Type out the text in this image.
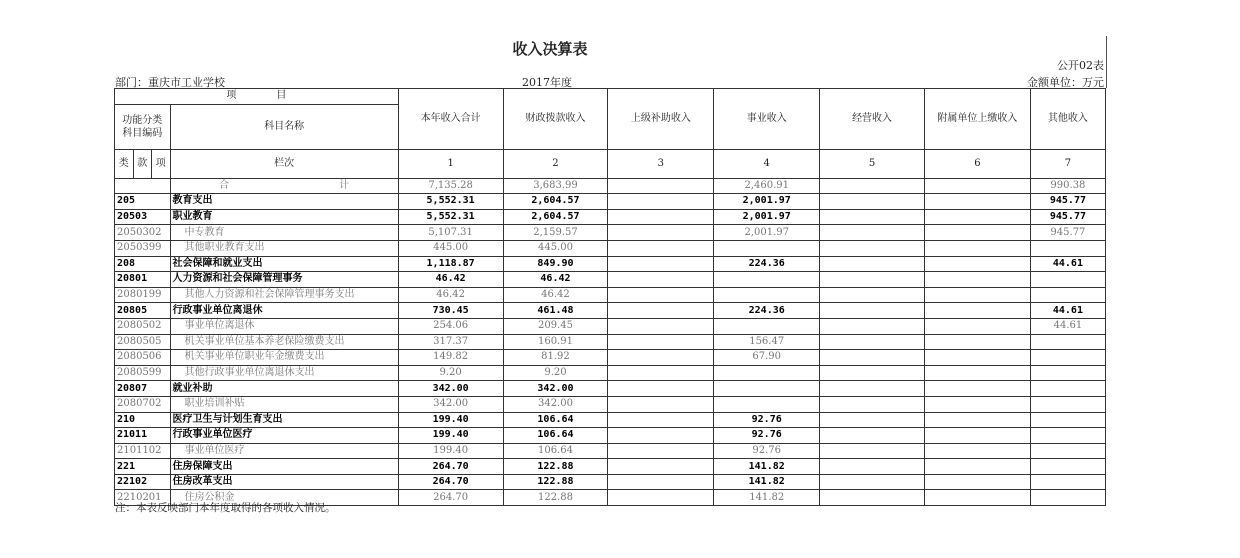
收入决算表
公开02表
部门：重庆市工业学校	2017年度	金额单位：万元
项　　　　目				本年收入合计	财政拨款收入	上级补助收入	事业收入	经营收入	附属单位上缴收入	其他收入
功能分类科目编码			科目名称							
类	款	项								
			栏次	1	2	3	4	5	6	7
			合 计	7,135.28	3,683.99		2,460.91			990.38
205			教育支出	5,552.31	2,604.57		2,001.97			945.77
20503			职业教育	5,552.31	2,604.57		2,001.97			945.77
2050302			中专教育	5,107.31	2,159.57		2,001.97			945.77
2050399			其他职业教育支出	445.00	445.00					
208			社会保障和就业支出	1,118.87	849.90		224.36			44.61
20801			人力资源和社会保障管理事务	46.42	46.42					
2080199			其他人力资源和社会保障管理事务支出	46.42	46.42					
20805			行政事业单位离退休	730.45	461.48		224.36			44.61
2080502			事业单位离退休	254.06	209.45					44.61
2080505			机关事业单位基本养老保险缴费支出	317.37	160.91		156.47			
2080506			机关事业单位职业年金缴费支出	149.82	81.92		67.90			
2080599			其他行政事业单位离退休支出	9.20	9.20					
20807			就业补助	342.00	342.00					
2080702			职业培训补贴	342.00	342.00					
210			医疗卫生与计划生育支出	199.40	106.64		92.76			
21011			行政事业单位医疗	199.40	106.64		92.76			
2101102			事业单位医疗	199.40	106.64		92.76			
221			住房保障支出	264.70	122.88		141.82			
22102			住房改革支出	264.70	122.88		141.82			
2210201			住房公积金	264.70	122.88		141.82			
注：本表反映部门本年度取得的各项收入情况。
